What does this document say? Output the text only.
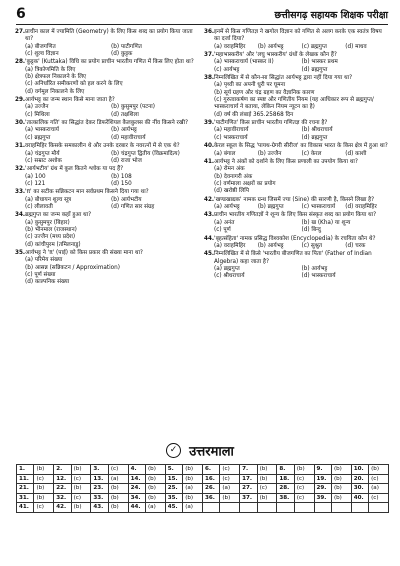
6	छत्तीसगढ़ सहायक शिक्षक परीक्षा
27. प्राचीन काल में ज्यामिति (Geometry) के लिए किस शब्द का प्रयोग किया जाता था?
(a) बीजगणित	(b) पाटीगणित
(c) शुल्व विज्ञान	(d) कुट्टक
28. 'कुट्टक' (Kuttaka) विधि का प्रयोग प्राचीन भारतीय गणित में किस लिए होता था?
(a) त्रिकोणमिति के लिए
(b) क्षेत्रफल निकालने के लिए
(c) अनिर्धारित समीकरणों को हल करने के लिए
(d) वर्गमूल निकालने के लिए
29. आर्यभट्ट का जन्म स्थान किसे माना जाता है?
(a) उज्जैन	(b) कुसुमपुर (पटना)
(c) मिथिला	(d) तक्षशिला
30. 'तात्कालिक गति' का सिद्धांत देकर डिफरेंशियल कैलकुलस की नींव किसने रखी?
(a) भास्कराचार्य	(b) आर्यभट्ट
(c) ब्रह्मगुप्त	(d) महावीराचार्य
31. वराहमिहिर किसके समकालीन थे और उनके दरबार के नवरत्नों में से एक थे?
(a) चंद्रगुप्त मौर्य	(b) चंद्रगुप्त द्वितीय (विक्रमादित्य)
(c) सम्राट अशोक	(d) राजा भोज
32. 'आर्यभटीय' ग्रंथ में कुल कितने श्लोक या पद हैं?
(a) 100	(b) 108
(c) 121	(d) 150
33. 'π' का सटीक सन्निकटन मान सर्वप्रथम किसने दिया गया था?
(a) बौधायन शुल्व सूत्र	(b) आर्यभटीय
(c) लीलावती	(d) गणित सार संग्रह
34. ब्रह्मगुप्त का जन्म कहाँ हुआ था?
(a) कुसुमपुर (बिहार)
(b) भीनमाल (राजस्थान)
(c) उज्जैन (मध्य प्रदेश)
(d) कांचीपुरम (तमिलनाडु)
35. आर्यभट्ट ने 'π' (पाई) को किस प्रकार की संख्या माना था?
(a) परिमेय संख्या
(b) आसन्न (सन्निकटन / Approximation)
(c) पूर्ण संख्या
(d) काल्पनिक संख्या
36. इनमें से किस गणितज्ञ ने खगोल विज्ञान को गणित से अलग करके एक स्वतंत्र विषय का दर्जा दिया?
(a) वराहमिहिर	(b) आर्यभट्ट	(c) ब्रह्मगुप्त	(d) माधव
37. 'महाभास्करीय' और 'लघु भास्करीय' ग्रंथों के लेखक कौन हैं?
(a) भास्कराचार्य (भास्कर II)	(b) भास्कर प्रथम
(c) आर्यभट्ट	(d) ब्रह्मगुप्त
38. निम्नलिखित में से कौन-सा सिद्धांत आर्यभट्ट द्वारा नहीं दिया गया था?
(a) पृथ्वी का अपनी धुरी पर घूमना
(b) सूर्य ग्रहण और चंद्र ग्रहण का वैज्ञानिक कारण
(c) गुरुत्वाकर्षण का स्पष्ट और गणितीय नियम (यह आधिकार रूप से ब्रह्मगुप्त/भास्कराचार्य ने बताया, लेकिन नियम न्यूटन का है)
(d) वर्ष की लंबाई 365.25868 दिन
39. 'पाटीगणित' किस प्राचीन भारतीय गणितज्ञ की रचना है?
(a) महावीराचार्य	(b) श्रीधराचार्य
(c) भास्कराचार्य	(d) ब्रह्मगुप्त
40. केरल स्कूल के सिद्ध 'पायथ-ग्रेगरी सीरीज' का विकास भारत के किस क्षेत्र में हुआ था?
(a) बंगाल	(b) उज्जैन	(c) केरल	(d) काशी
41. आर्यभट्ट ने अंकों को दर्शाने के लिए किस प्रणाली का उपयोग किया था?
(a) रोमन अंक
(b) देवनागरी अंक
(c) वर्णमाला अक्षरों का प्रयोग
(d) खरोष्ठी लिपि
42. 'खण्डखाद्यक' नामक ग्रन्थ जिसमें ज्या (Sine) की सारणी है, किसने लिखा है?
(a) आर्यभट्ट	(b) ब्रह्मगुप्त	(c) भास्कराचार्य	(d) वराहमिहिर
43. प्राचीन भारतीय गणितज्ञों ने शून्य के लिए किस संस्कृत शब्द का प्रयोग किया था?
(a) अनंत	(b) ख (Kha) या शून्य
(c) पूर्ण	(d) बिन्दु
44. 'बृहत्संहिता' नामक प्रसिद्ध विश्वकोश (Encyclopedia) के रचयिता कौन थे?
(a) वराहमिहिर	(b) आर्यभट्ट	(c) सुश्रुत	(d) चरक
45. निम्नलिखित में से किसे 'भारतीय बीजगणित का पिता' (Father of Indian Algebra) कहा जाता है?
(a) ब्रह्मगुप्त	(b) आर्यभट्ट
(c) श्रीधराचार्य	(d) भास्कराचार्य
✓ उत्तरमाला
1.	(b)	2.	(b)	3.	(c)	4.	(b)	5.	(b)	6.	(c)	7.	(b)	8.	(b)	9.	(b)	10.	(b)
11.	(c)	12.	(c)	13.	(a)	14.	(b)	15.	(b)	16.	(c)	17.	(b)	18.	(c)	19.	(b)	20.	(c)
21.	(b)	22.	(b)	23.	(b)	24.	(b)	25.	(a)	26.	(a)	27.	(c)	28.	(c)	29.	(b)	30.	(a)
31.	(b)	32.	(c)	33.	(b)	34.	(b)	35.	(b)	36.	(b)	37.	(b)	38.	(c)	39.	(b)	40.	(c)
41.	(c)	42.	(b)	43.	(b)	44.	(a)	45.	(a)										
